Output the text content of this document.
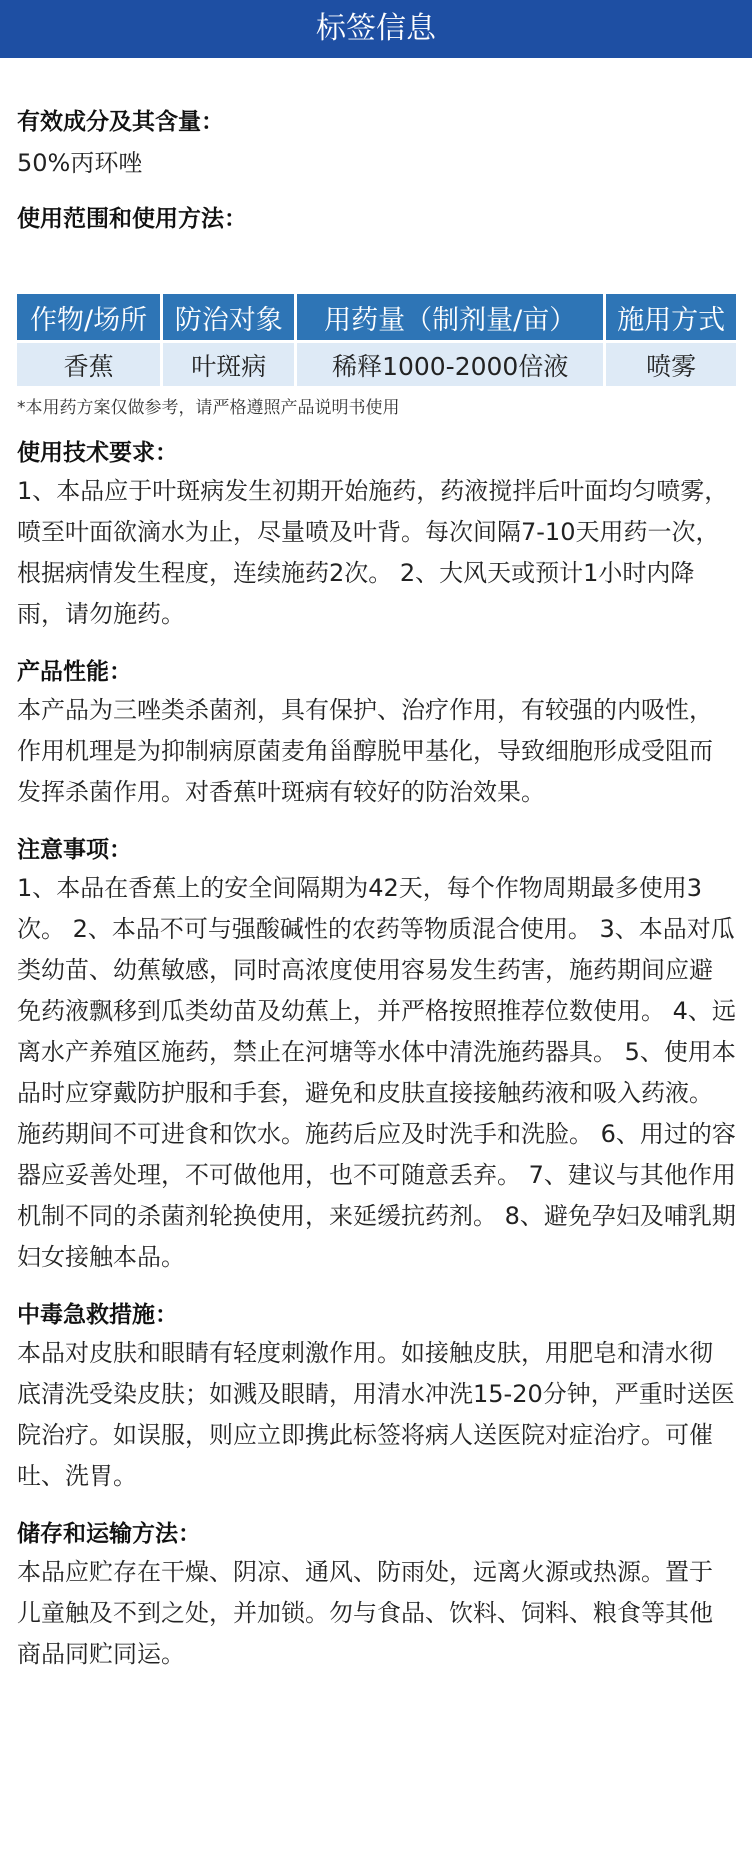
标签信息

有效成分及其含量：

50%丙环唑

使用范围和使用方法：

作物/场所	防治对象	用药量（制剂量/亩）	施用方式
香蕉	叶斑病	稀释1000-2000倍液	喷雾

*本用药方案仅做参考，请严格遵照产品说明书使用

使用技术要求：

1、本品应于叶斑病发生初期开始施药，药液搅拌后叶面均匀喷雾，喷至叶面欲滴水为止，尽量喷及叶背。每次间隔7-10天用药一次，根据病情发生程度，连续施药2次。 2、大风天或预计1小时内降雨，请勿施药。

产品性能：

本产品为三唑类杀菌剂，具有保护、治疗作用，有较强的内吸性，作用机理是为抑制病原菌麦角甾醇脱甲基化，导致细胞形成受阻而发挥杀菌作用。对香蕉叶斑病有较好的防治效果。

注意事项：

1、本品在香蕉上的安全间隔期为42天，每个作物周期最多使用3次。 2、本品不可与强酸碱性的农药等物质混合使用。 3、本品对瓜类幼苗、幼蕉敏感，同时高浓度使用容易发生药害，施药期间应避免药液飘移到瓜类幼苗及幼蕉上，并严格按照推荐位数使用。 4、远离水产养殖区施药，禁止在河塘等水体中清洗施药器具。 5、使用本品时应穿戴防护服和手套，避免和皮肤直接接触药液和吸入药液。施药期间不可进食和饮水。施药后应及时洗手和洗脸。 6、用过的容器应妥善处理，不可做他用，也不可随意丢弃。 7、建议与其他作用机制不同的杀菌剂轮换使用，来延缓抗药剂。 8、避免孕妇及哺乳期妇女接触本品。

中毒急救措施：

本品对皮肤和眼睛有轻度刺激作用。如接触皮肤，用肥皂和清水彻底清洗受染皮肤；如溅及眼睛，用清水冲洗15-20分钟，严重时送医院治疗。如误服，则应立即携此标签将病人送医院对症治疗。可催吐、洗胃。

储存和运输方法：

本品应贮存在干燥、阴凉、通风、防雨处，远离火源或热源。置于儿童触及不到之处，并加锁。勿与食品、饮料、饲料、粮食等其他商品同贮同运。
